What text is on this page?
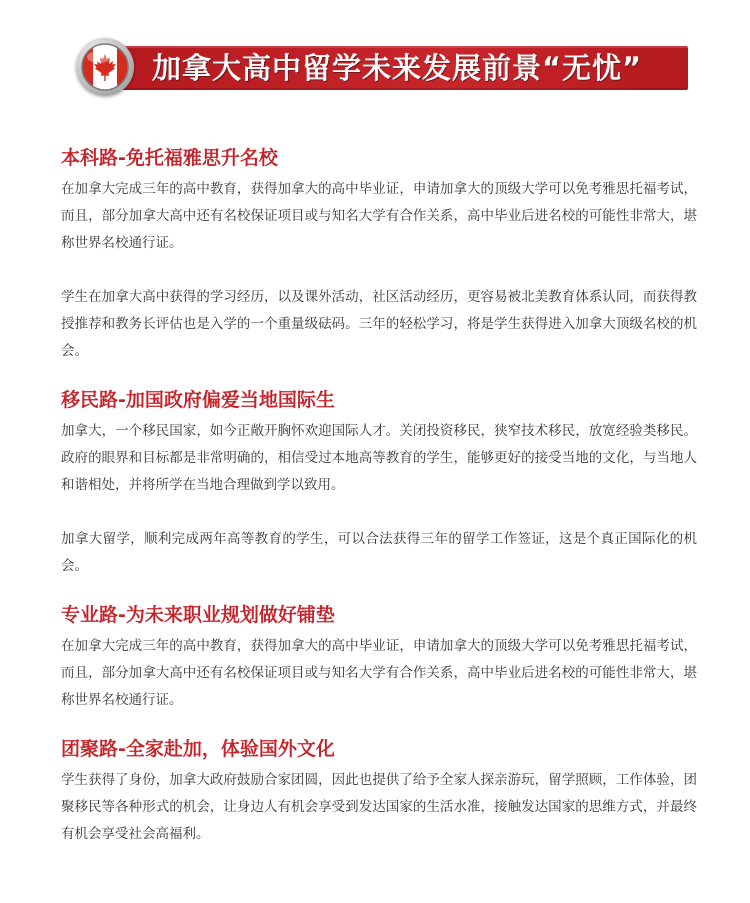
加拿大高中留学未来发展前景“无忧”
本科路-免托福雅思升名校

在加拿大完成三年的高中教育，获得加拿大的高中毕业证，申请加拿大的顶级大学可以免考雅思托福考试，而且，部分加拿大高中还有名校保证项目或与知名大学有合作关系，高中毕业后进名校的可能性非常大，堪称世界名校通行证。

学生在加拿大高中获得的学习经历，以及课外活动，社区活动经历，更容易被北美教育体系认同，而获得教授推荐和教务长评估也是入学的一个重量级砝码。三年的轻松学习，将是学生获得进入加拿大顶级名校的机会。

移民路-加国政府偏爱当地国际生

加拿大，一个移民国家，如今正敞开胸怀欢迎国际人才。关闭投资移民，狭窄技术移民，放宽经验类移民。政府的眼界和目标都是非常明确的，相信受过本地高等教育的学生，能够更好的接受当地的文化，与当地人和谐相处，并将所学在当地合理做到学以致用。

加拿大留学，顺利完成两年高等教育的学生，可以合法获得三年的留学工作签证，这是个真正国际化的机会。

专业路-为未来职业规划做好铺垫

在加拿大完成三年的高中教育，获得加拿大的高中毕业证，申请加拿大的顶级大学可以免考雅思托福考试，而且，部分加拿大高中还有名校保证项目或与知名大学有合作关系，高中毕业后进名校的可能性非常大，堪称世界名校通行证。

团聚路-全家赴加，体验国外文化

学生获得了身份，加拿大政府鼓励合家团圆，因此也提供了给予全家人探亲游玩，留学照顾，工作体验，团聚移民等各种形式的机会，让身边人有机会享受到发达国家的生活水准，接触发达国家的思维方式，并最终有机会享受社会高福利。
